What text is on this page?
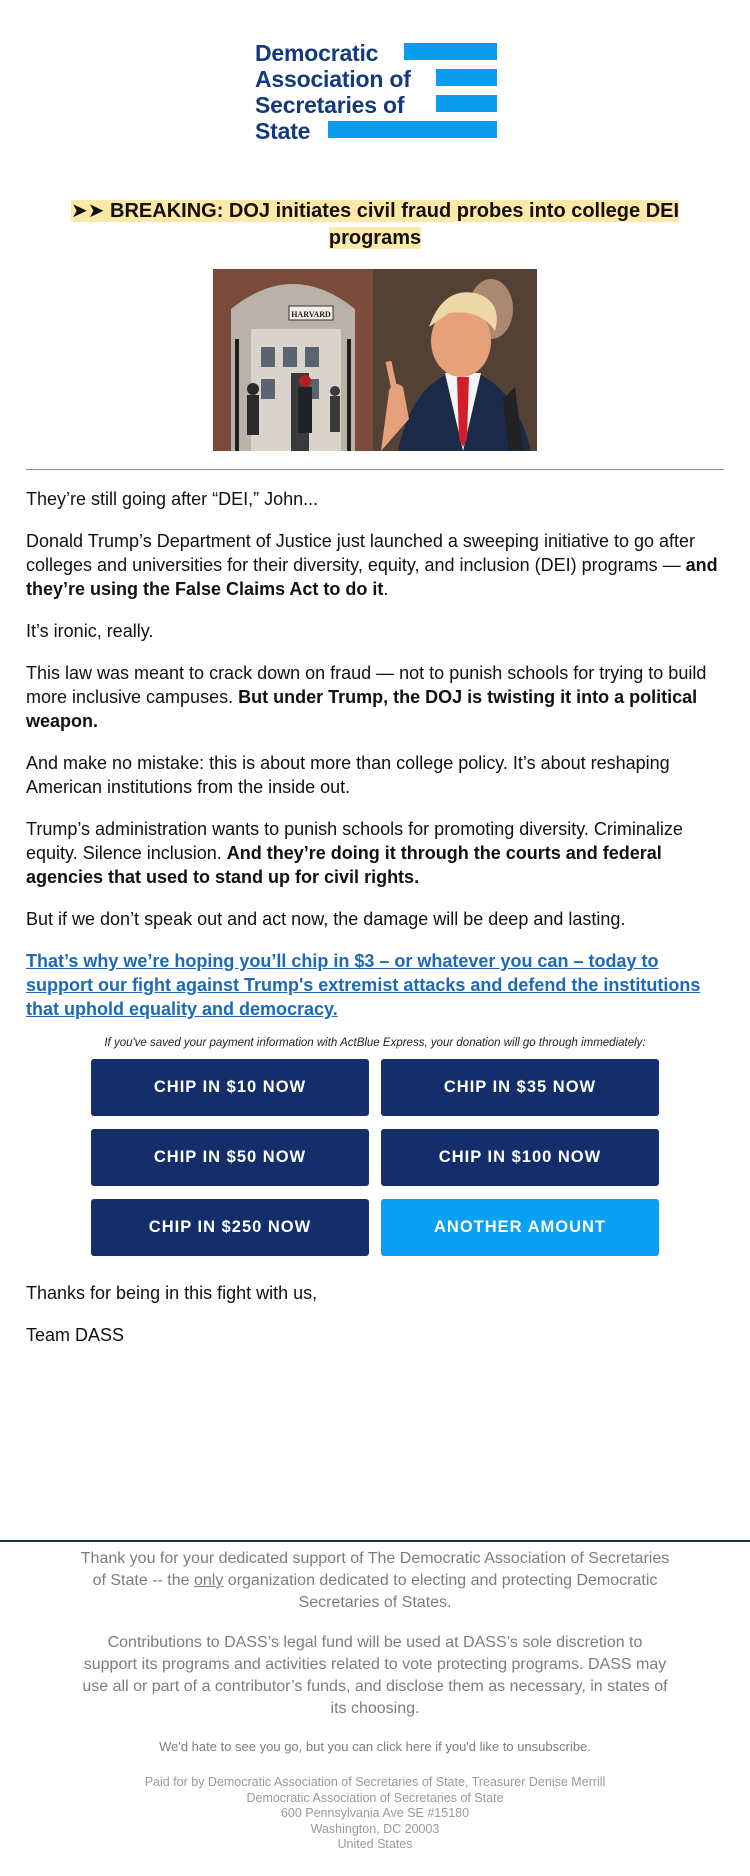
Democratic
Association of
Secretaries of
State
➤➤ BREAKING: DOJ initiates civil fraud probes into college DEI programs
HARVARD

They’re still going after “DEI,” John...

Donald Trump’s Department of Justice just launched a sweeping initiative to go after colleges and universities for their diversity, equity, and inclusion (DEI) programs — and they’re using the False Claims Act to do it.

It’s ironic, really.

This law was meant to crack down on fraud — not to punish schools for trying to build more inclusive campuses. But under Trump, the DOJ is twisting it into a political weapon.

And make no mistake: this is about more than college policy. It’s about reshaping American institutions from the inside out.

Trump’s administration wants to punish schools for promoting diversity. Criminalize equity. Silence inclusion. And they’re doing it through the courts and federal agencies that used to stand up for civil rights.

But if we don’t speak out and act now, the damage will be deep and lasting.

That’s why we’re hoping you’ll chip in $3 – or whatever you can – today to support our fight against Trump's extremist attacks and defend the institutions that uphold equality and democracy.
If you've saved your payment information with ActBlue Express, your donation will go through immediately:
CHIP IN $10 NOW	CHIP IN $35 NOW
CHIP IN $50 NOW	CHIP IN $100 NOW
CHIP IN $250 NOW	ANOTHER AMOUNT

Thanks for being in this fight with us,

Team DASS

Thank you for your dedicated support of The Democratic Association of Secretaries of State -- the only organization dedicated to electing and protecting Democratic Secretaries of States.
Contributions to DASS’s legal fund will be used at DASS’s sole discretion to support its programs and activities related to vote protecting programs. DASS may use all or part of a contributor’s funds, and disclose them as necessary, in states of its choosing.
We'd hate to see you go, but you can click here if you'd like to unsubscribe.
Paid for by Democratic Association of Secretaries of State, Treasurer Denise Merrill
Democratic Association of Secretaries of State
600 Pennsylvania Ave SE #15180
Washington, DC 20003
United States
